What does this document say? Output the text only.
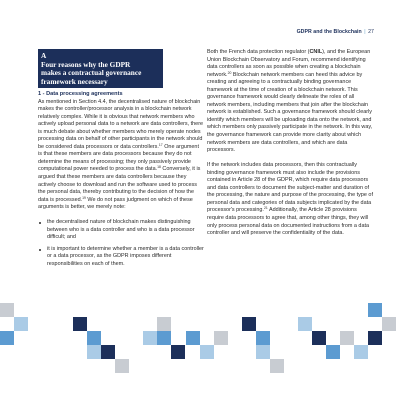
GDPR and the Blockchain | 27
A
Four reasons why the GDPR
makes a contractual governance
framework necessary

1 - Data processing agreements

As mentioned in Section 4.4, the decentralised nature of blockchain makes the controller/processor analysis in a blockchain network relatively complex. While it is obvious that network members who actively upload personal data to a network are data controllers, there is much debate about whether members who merely operate nodes processing data on behalf of other participants in the network should be considered data processors or data controllers.$^{17}$ One argument is that these members are data processors because they do not determine the means of processing; they only passively provide computational power needed to process the data.$^{18}$ Conversely, it is argued that these members are data controllers because they actively choose to download and run the software used to process the personal data, thereby contributing to the decision of how the data is processed.$^{19}$ We do not pass judgment on which of these arguments is better, we merely note:

the decentralised nature of blockchain makes distinguishing between who is a data controller and who is a data processor difficult; and
it is important to determine whether a member is a data controller or a data processor, as the GDPR imposes different responsibilities on each of them.

Both the French data protection regulator (CNIL), and the European Union Blockchain Observatory and Forum, recommend identifying data controllers as soon as possible when creating a blockchain network.$^{20}$ Blockchain network members can heed this advice by creating and agreeing to a contractually binding governance framework at the time of creation of a blockchain network. This governance framework would clearly delineate the roles of all network members, including members that join after the blockchain network is established. Such a governance framework should clearly identify which members will be uploading data onto the network, and which members only passively participate in the network. In this way, the governance framework can provide more clarity about which network members are data controllers, and which are data processors.

If the network includes data processors, then this contractually binding governance framework must also include the provisions contained in Article 28 of the GDPR, which require data processors and data controllers to document the subject-matter and duration of the processing, the nature and purpose of the processing, the type of personal data and categories of data subjects implicated by the data processor's processing.$^{21}$ Additionally, the Article 28 provisions require data processors to agree that, among other things, they will only process personal data on documented instructions from a data controller and will preserve the confidentiality of the data.
